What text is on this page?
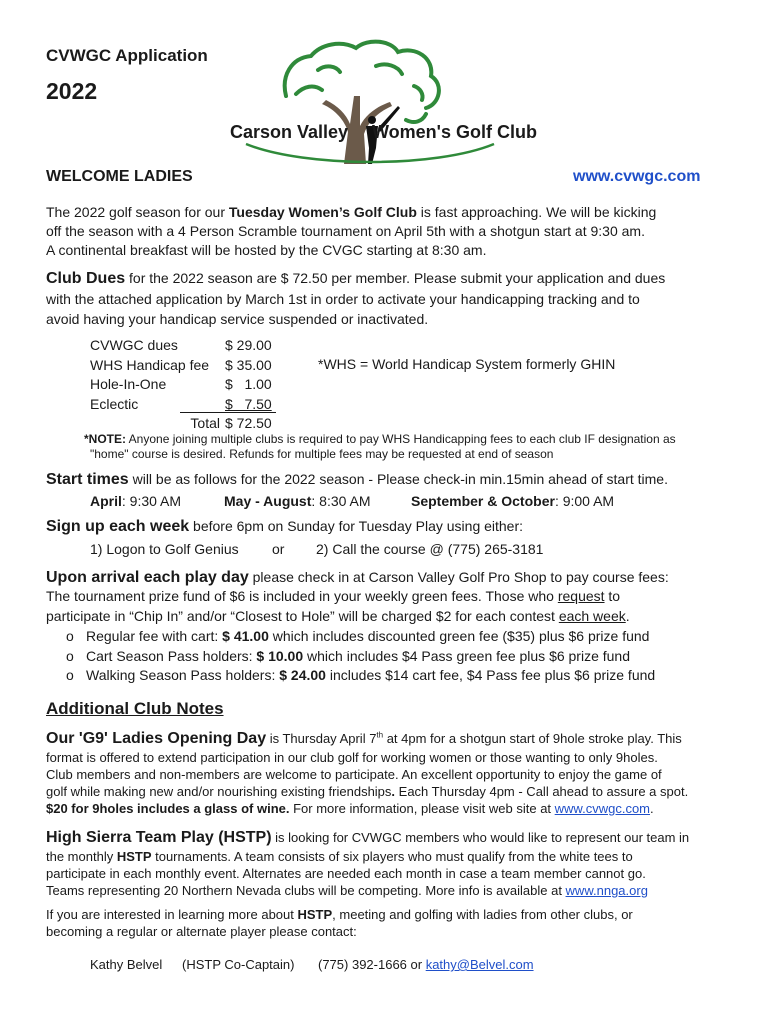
CVWGC Application
2022
Carson Valley Women's Golf Club
WELCOME LADIES	www.cvwgc.com
The 2022 golf season for our Tuesday Women’s Golf Club is fast approaching. We will be kicking
off the season with a 4 Person Scramble tournament on April 5th with a shotgun start at 9:30 am.
A continental breakfast will be hosted by the CVGC starting at 8:30 am.
Club Dues for the 2022 season are $ 72.50 per member. Please submit your application and dues
with the attached application by March 1st in order to activate your handicapping tracking and to
avoid having your handicap service suspended or inactivated.
CVWGC dues	$ 29.00
WHS Handicap fee	$ 35.00
Hole-In-One	$   1.00
Eclectic	$   7.50
Total $ 72.50
*WHS = World Handicap System formerly GHIN
*NOTE: Anyone joining multiple clubs is required to pay WHS Handicapping fees to each club IF designation as
"home" course is desired. Refunds for multiple fees may be requested at end of season
Start times will be as follows for the 2022 season - Please check-in min.15min ahead of start time.
April: 9:30 AM	May - August: 8:30 AM	September & October: 9:00 AM
Sign up each week before 6pm on Sunday for Tuesday Play using either:
1) Logon to Golf Genius or 2) Call the course @ (775) 265-3181
Upon arrival each play day please check in at Carson Valley Golf Pro Shop to pay course fees:
The tournament prize fund of $6 is included in your weekly green fees. Those who request to
participate in “Chip In” and/or “Closest to Hole” will be charged $2 for each contest each week.
o Regular fee with cart: $ 41.00 which includes discounted green fee ($35) plus $6 prize fund
o Cart Season Pass holders: $ 10.00 which includes $4 Pass green fee plus $6 prize fund
o Walking Season Pass holders: $ 24.00 includes $14 cart fee, $4 Pass fee plus $6 prize fund
Additional Club Notes
Our 'G9' Ladies Opening Day is Thursday April 7th at 4pm for a shotgun start of 9hole stroke play. This
format is offered to extend participation in our club golf for working women or those wanting to only 9holes.
Club members and non-members are welcome to participate. An excellent opportunity to enjoy the game of
golf while making new and/or nourishing existing friendships. Each Thursday 4pm - Call ahead to assure a spot.
$20 for 9holes includes a glass of wine. For more information, please visit web site at www.cvwgc.com.
High Sierra Team Play (HSTP) is looking for CVWGC members who would like to represent our team in
the monthly HSTP tournaments. A team consists of six players who must qualify from the white tees to
participate in each monthly event. Alternates are needed each month in case a team member cannot go.
Teams representing 20 Northern Nevada clubs will be competing. More info is available at www.nnga.org
If you are interested in learning more about HSTP, meeting and golfing with ladies from other clubs, or
becoming a regular or alternate player please contact:
Kathy Belvel (HSTP Co-Captain) (775) 392-1666 or kathy@Belvel.com
